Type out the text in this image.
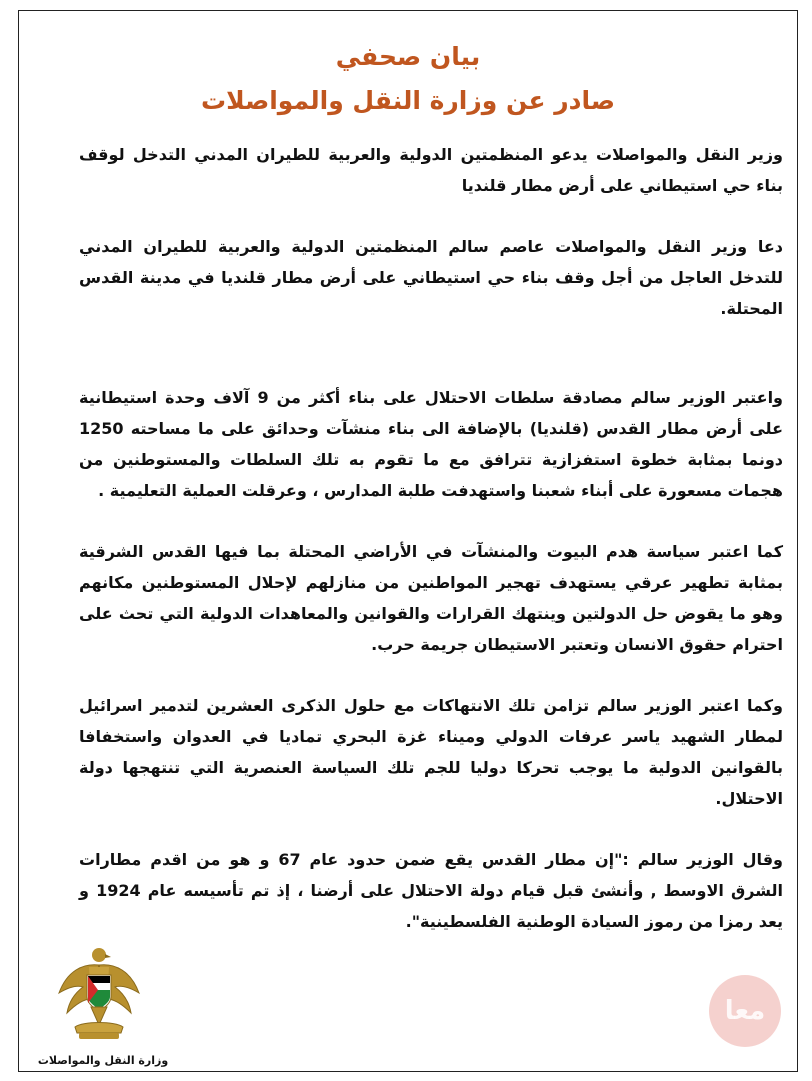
بيان صحفي
صادر عن وزارة النقل والمواصلات

وزير النقل والمواصلات يدعو المنظمتين الدولية والعربية للطيران المدني التدخل لوقف بناء حي استيطاني على أرض مطار قلنديا

دعا وزير النقل والمواصلات عاصم سالم المنظمتين الدولية والعربية للطيران المدني للتدخل العاجل من أجل وقف بناء حي استيطاني على أرض مطار قلنديا في مدينة القدس المحتلة.

واعتبر الوزير سالم مصادقة سلطات الاحتلال على بناء أكثر من 9 آلاف وحدة استيطانية على أرض مطار القدس (قلنديا) بالإضافة الى بناء منشآت وحدائق على ما مساحته 1250 دونما بمثابة خطوة استفزازية تترافق مع ما تقوم به تلك السلطات والمستوطنين من هجمات مسعورة على أبناء شعبنا واستهدفت طلبة المدارس ، وعرقلت العملية التعليمية .

كما اعتبر سياسة هدم البيوت والمنشآت في الأراضي المحتلة بما فيها القدس الشرقية بمثابة تطهير عرقي يستهدف تهجير المواطنين من منازلهم لإحلال المستوطنين مكانهم وهو ما يقوض حل الدولتين وينتهك القرارات والقوانين والمعاهدات الدولية التي تحث على احترام حقوق الانسان وتعتبر الاستيطان جريمة حرب.

وكما اعتبر الوزير سالم تزامن تلك الانتهاكات مع حلول الذكرى العشرين لتدمير اسرائيل لمطار الشهيد ياسر عرفات الدولي وميناء غزة البحري تماديا في العدوان واستخفافا بالقوانين الدولية ما يوجب تحركا دوليا للجم تلك السياسة العنصرية التي تنتهجها دولة الاحتلال.

وقال الوزير سالم :"إن مطار القدس يقع ضمن حدود عام 67 و هو من اقدم مطارات الشرق الاوسط , وأنشئ قبل قيام دولة الاحتلال على أرضنا ، إذ تم تأسيسه عام 1924 و يعد رمزا من رموز السيادة الوطنية الفلسطينية".

وزارة النقل والمواصلات
معا
